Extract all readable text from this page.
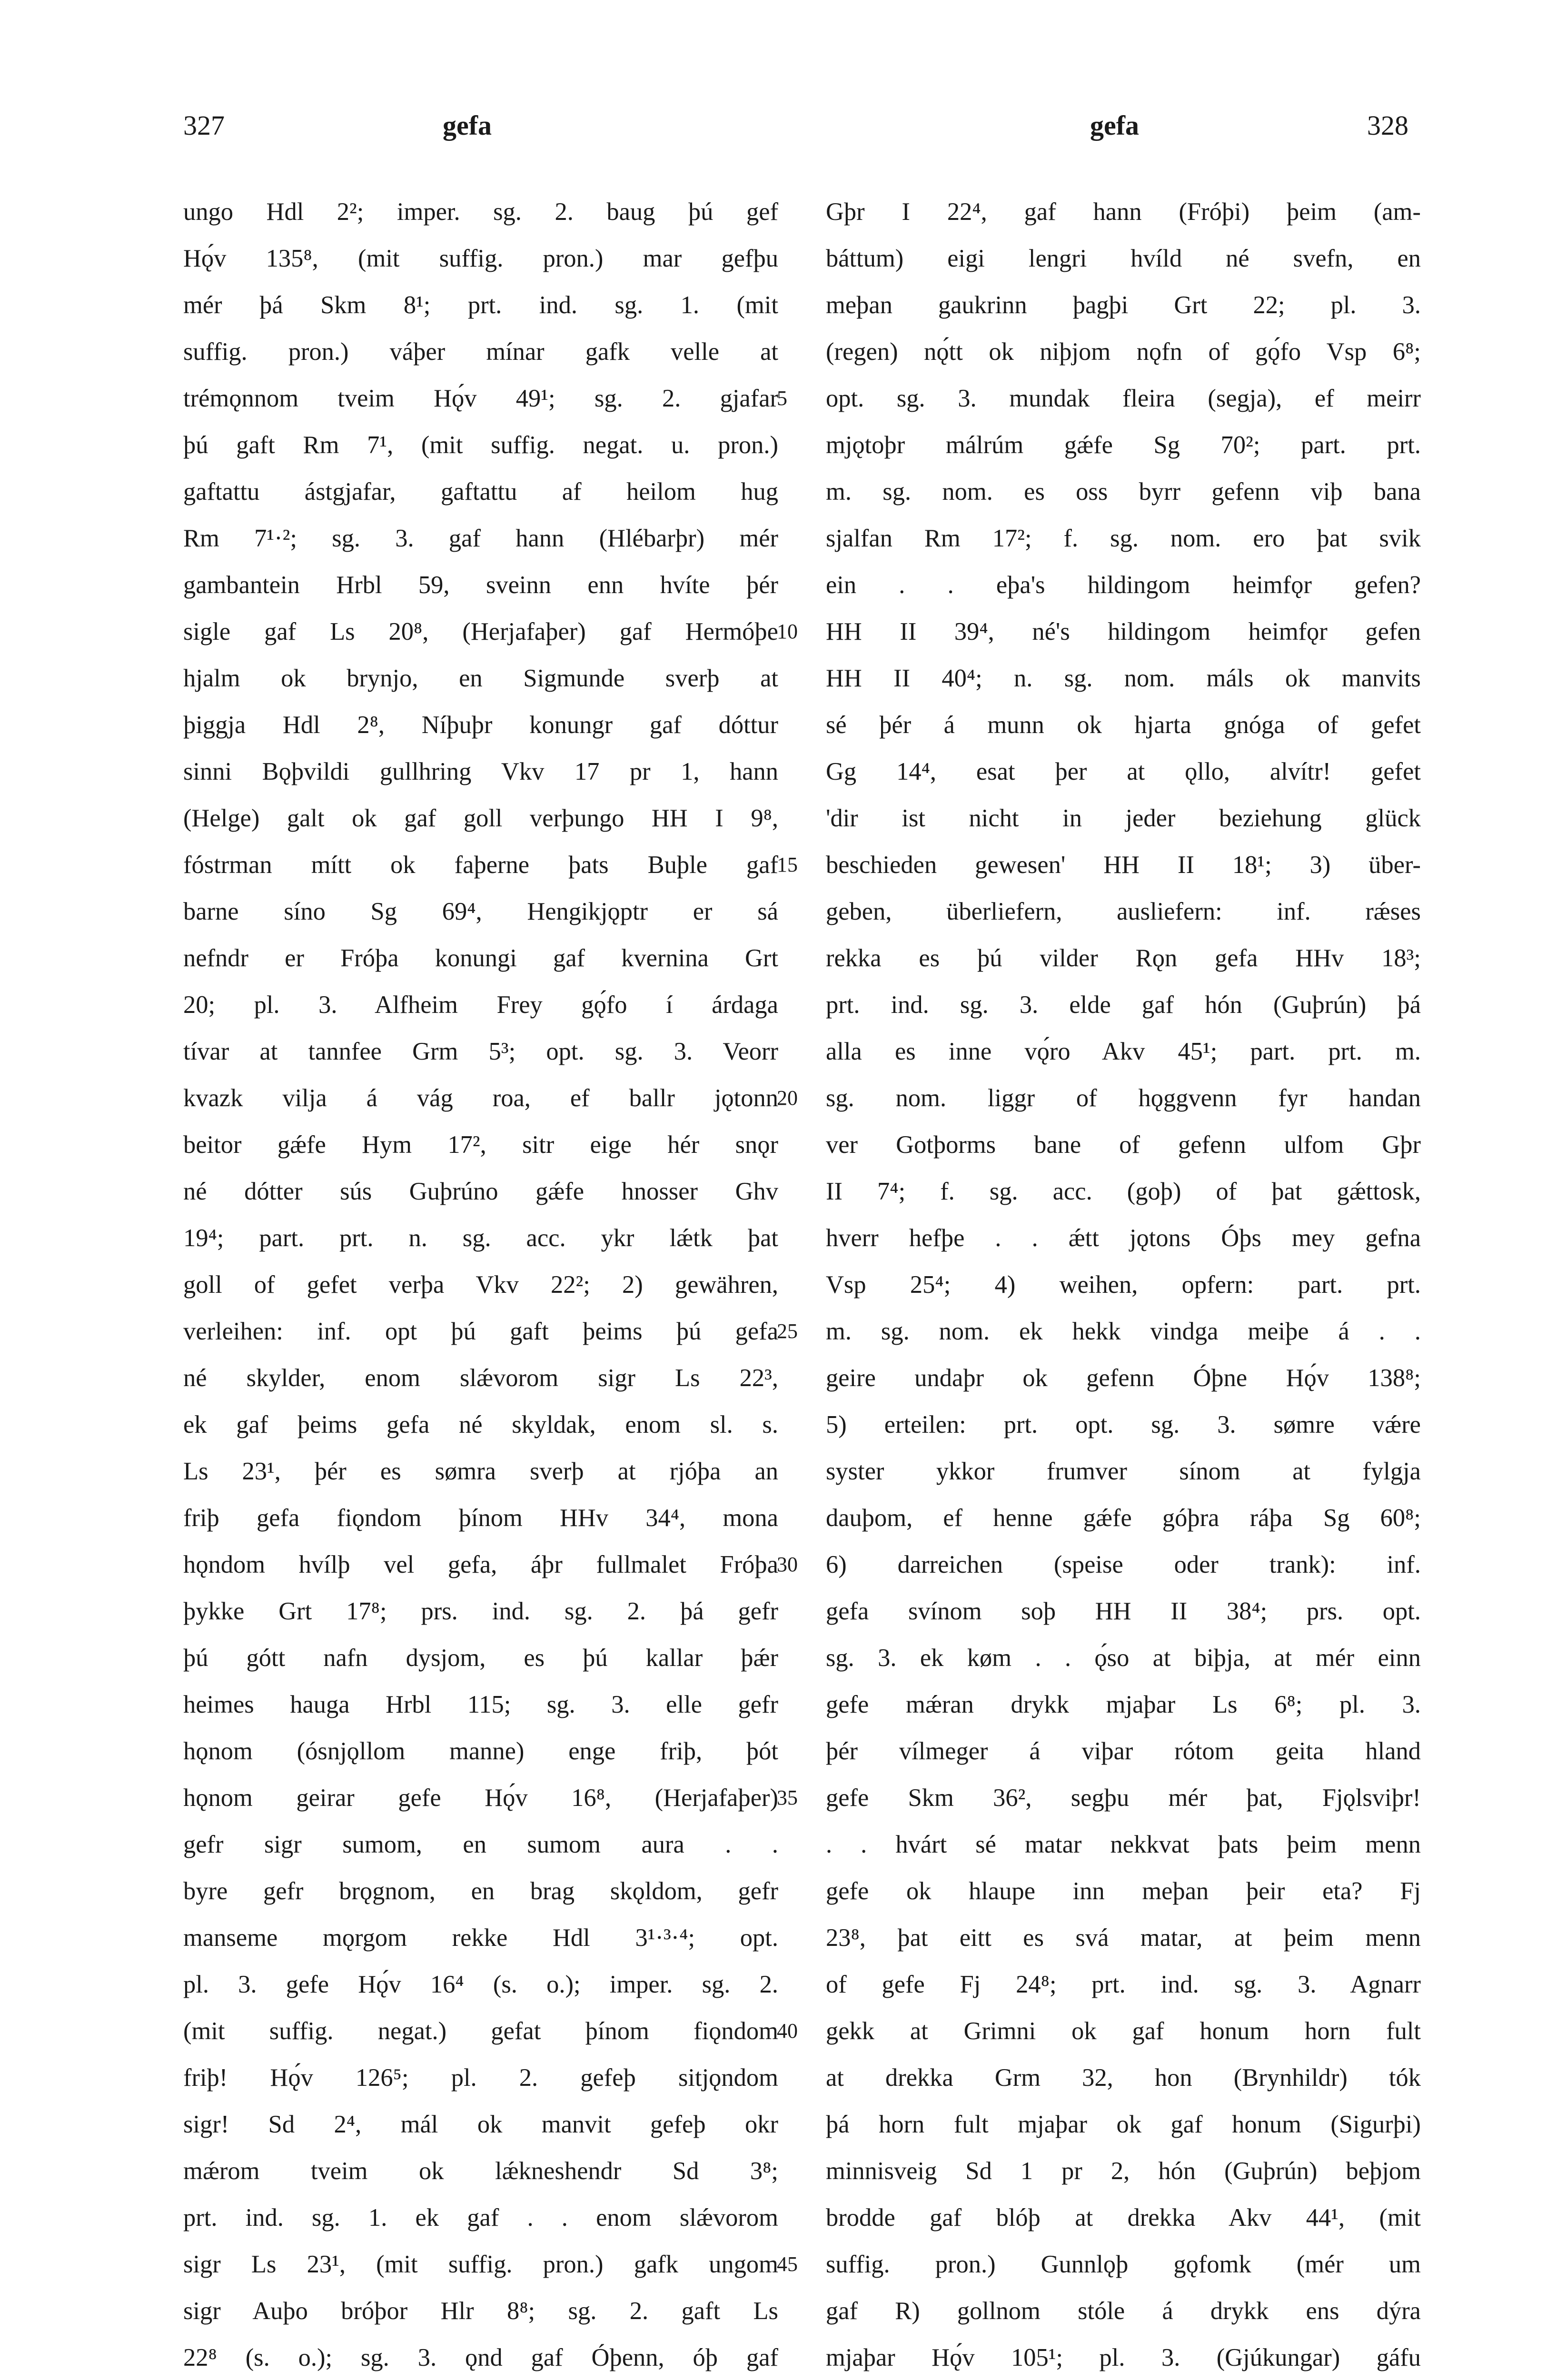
327	gefa	gefa	328

ungo Hdl 2²; imper. sg. 2. baug þú gef

Hǫ́v 135⁸, (mit suffig. pron.) mar gefþu

mér þá Skm 8¹; prt. ind. sg. 1. (mit

suffig. pron.) váþer mínar gafk velle at

trémǫnnom tveim Hǫ́v 49¹; sg. 2. gjafar

þú gaft Rm 7¹, (mit suffig. negat. u. pron.)

gaftattu ástgjafar, gaftattu af heilom hug

Rm 7¹·²; sg. 3. gaf hann (Hlébarþr) mér

gambantein Hrbl 59, sveinn enn hvíte þér

sigle gaf Ls 20⁸, (Herjafaþer) gaf Hermóþe

hjalm ok brynjo, en Sigmunde sverþ at

þiggja Hdl 2⁸, Níþuþr konungr gaf dóttur

sinni Bǫþvildi gullhring Vkv 17 pr 1, hann

(Helge) galt ok gaf goll verþungo HH I 9⁸,

fóstrman mítt ok faþerne þats Buþle gaf

barne síno Sg 69⁴, Hengikjǫptr er sá

nefndr er Fróþa konungi gaf kvernina Grt

20; pl. 3. Alfheim Frey gǫ́fo í árdaga

tívar at tannfee Grm 5³; opt. sg. 3. Veorr

kvazk vilja á vág roa, ef ballr jǫtonn

beitor gǽfe Hym 17², sitr eige hér snǫr

né dótter sús Guþrúno gǽfe hnosser Ghv

19⁴; part. prt. n. sg. acc. ykr lǽtk þat

goll of gefet verþa Vkv 22²; 2) gewähren,

verleihen: inf. opt þú gaft þeims þú gefa

né skylder, enom slǽvorom sigr Ls 22³,

ek gaf þeims gefa né skyldak, enom sl. s.

Ls 23¹, þér es sømra sverþ at rjóþa an

friþ gefa fiǫndom þínom HHv 34⁴, mona

hǫndom hvílþ vel gefa, áþr fullmalet Fróþa

þykke Grt 17⁸; prs. ind. sg. 2. þá gefr

þú gótt nafn dysjom, es þú kallar þǽr

heimes hauga Hrbl 115; sg. 3. elle gefr

hǫnom (ósnjǫllom manne) enge friþ, þót

hǫnom geirar gefe Hǫ́v 16⁸, (Herjafaþer)

gefr sigr sumom, en sumom aura . .

byre gefr brǫgnom, en brag skǫldom, gefr

manseme mǫrgom rekke Hdl 3¹·³·⁴; opt.

pl. 3. gefe Hǫ́v 16⁴ (s. o.); imper. sg. 2.

(mit suffig. negat.) gefat þínom fiǫndom

friþ! Hǫ́v 126⁵; pl. 2. gefeþ sitjǫndom

sigr! Sd 2⁴, mál ok manvit gefeþ okr

mǽrom tveim ok lǽkneshendr Sd 3⁸;

prt. ind. sg. 1. ek gaf . . enom slǽvorom

sigr Ls 23¹, (mit suffig. pron.) gafk ungom

sigr Auþo bróþor Hlr 8⁸; sg. 2. gaft Ls

22⁸ (s. o.); sg. 3. ǫnd gaf Óþenn, óþ gaf

5
10
15
20
25
30
35
40
45

Gþr I 22⁴, gaf hann (Fróþi) þeim (am-

báttum) eigi lengri hvíld né svefn, en

meþan gaukrinn þagþi Grt 22; pl. 3.

(regen) nǫ́tt ok niþjom nǫfn of gǫ́fo Vsp 6⁸;

opt. sg. 3. mundak fleira (segja), ef meirr

mjǫtoþr málrúm gǽfe Sg 70²; part. prt.

m. sg. nom. es oss byrr gefenn viþ bana

sjalfan Rm 17²; f. sg. nom. ero þat svik

ein . . eþa's hildingom heimfǫr gefen?

HH II 39⁴, né's hildingom heimfǫr gefen

HH II 40⁴; n. sg. nom. máls ok manvits

sé þér á munn ok hjarta gnóga of gefet

Gg 14⁴, esat þer at ǫllo, alvítr! gefet

'dir ist nicht in jeder beziehung glück

beschieden gewesen' HH II 18¹; 3) über-

geben, überliefern, ausliefern: inf. rǽses

rekka es þú vilder Rǫn gefa HHv 18³;

prt. ind. sg. 3. elde gaf hón (Guþrún) þá

alla es inne vǫ́ro Akv 45¹; part. prt. m.

sg. nom. liggr of hǫggvenn fyr handan

ver Gotþorms bane of gefenn ulfom Gþr

II 7⁴; f. sg. acc. (goþ) of þat gǽttosk,

hverr hefþe . . ǽtt jǫtons Óþs mey gefna

Vsp 25⁴; 4) weihen, opfern: part. prt.

m. sg. nom. ek hekk vindga meiþe á . .

geire undaþr ok gefenn Óþne Hǫ́v 138⁸;

5) erteilen: prt. opt. sg. 3. sømre vǽre

syster ykkor frumver sínom at fylgja

dauþom, ef henne gǽfe góþra ráþa Sg 60⁸;

6) darreichen (speise oder trank): inf.

gefa svínom soþ HH II 38⁴; prs. opt.

sg. 3. ek køm . . ǫ́so at biþja, at mér einn

gefe mǽran drykk mjaþar Ls 6⁸; pl. 3.

þér vílmeger á viþar rótom geita hland

gefe Skm 36², segþu mér þat, Fjǫlsviþr!

. . hvárt sé matar nekkvat þats þeim menn

gefe ok hlaupe inn meþan þeir eta? Fj

23⁸, þat eitt es svá matar, at þeim menn

of gefe Fj 24⁸; prt. ind. sg. 3. Agnarr

gekk at Grimni ok gaf honum horn fult

at drekka Grm 32, hon (Brynhildr) tók

þá horn fult mjaþar ok gaf honum (Sigurþi)

minnisveig Sd 1 pr 2, hón (Guþrún) beþjom

brodde gaf blóþ at drekka Akv 44¹, (mit

suffig. pron.) Gunnlǫþ gǫfomk (mér um

gaf R) gollnom stóle á drykk ens dýra

mjaþar Hǫ́v 105¹; pl. 3. (Gjúkungar) gáfu
